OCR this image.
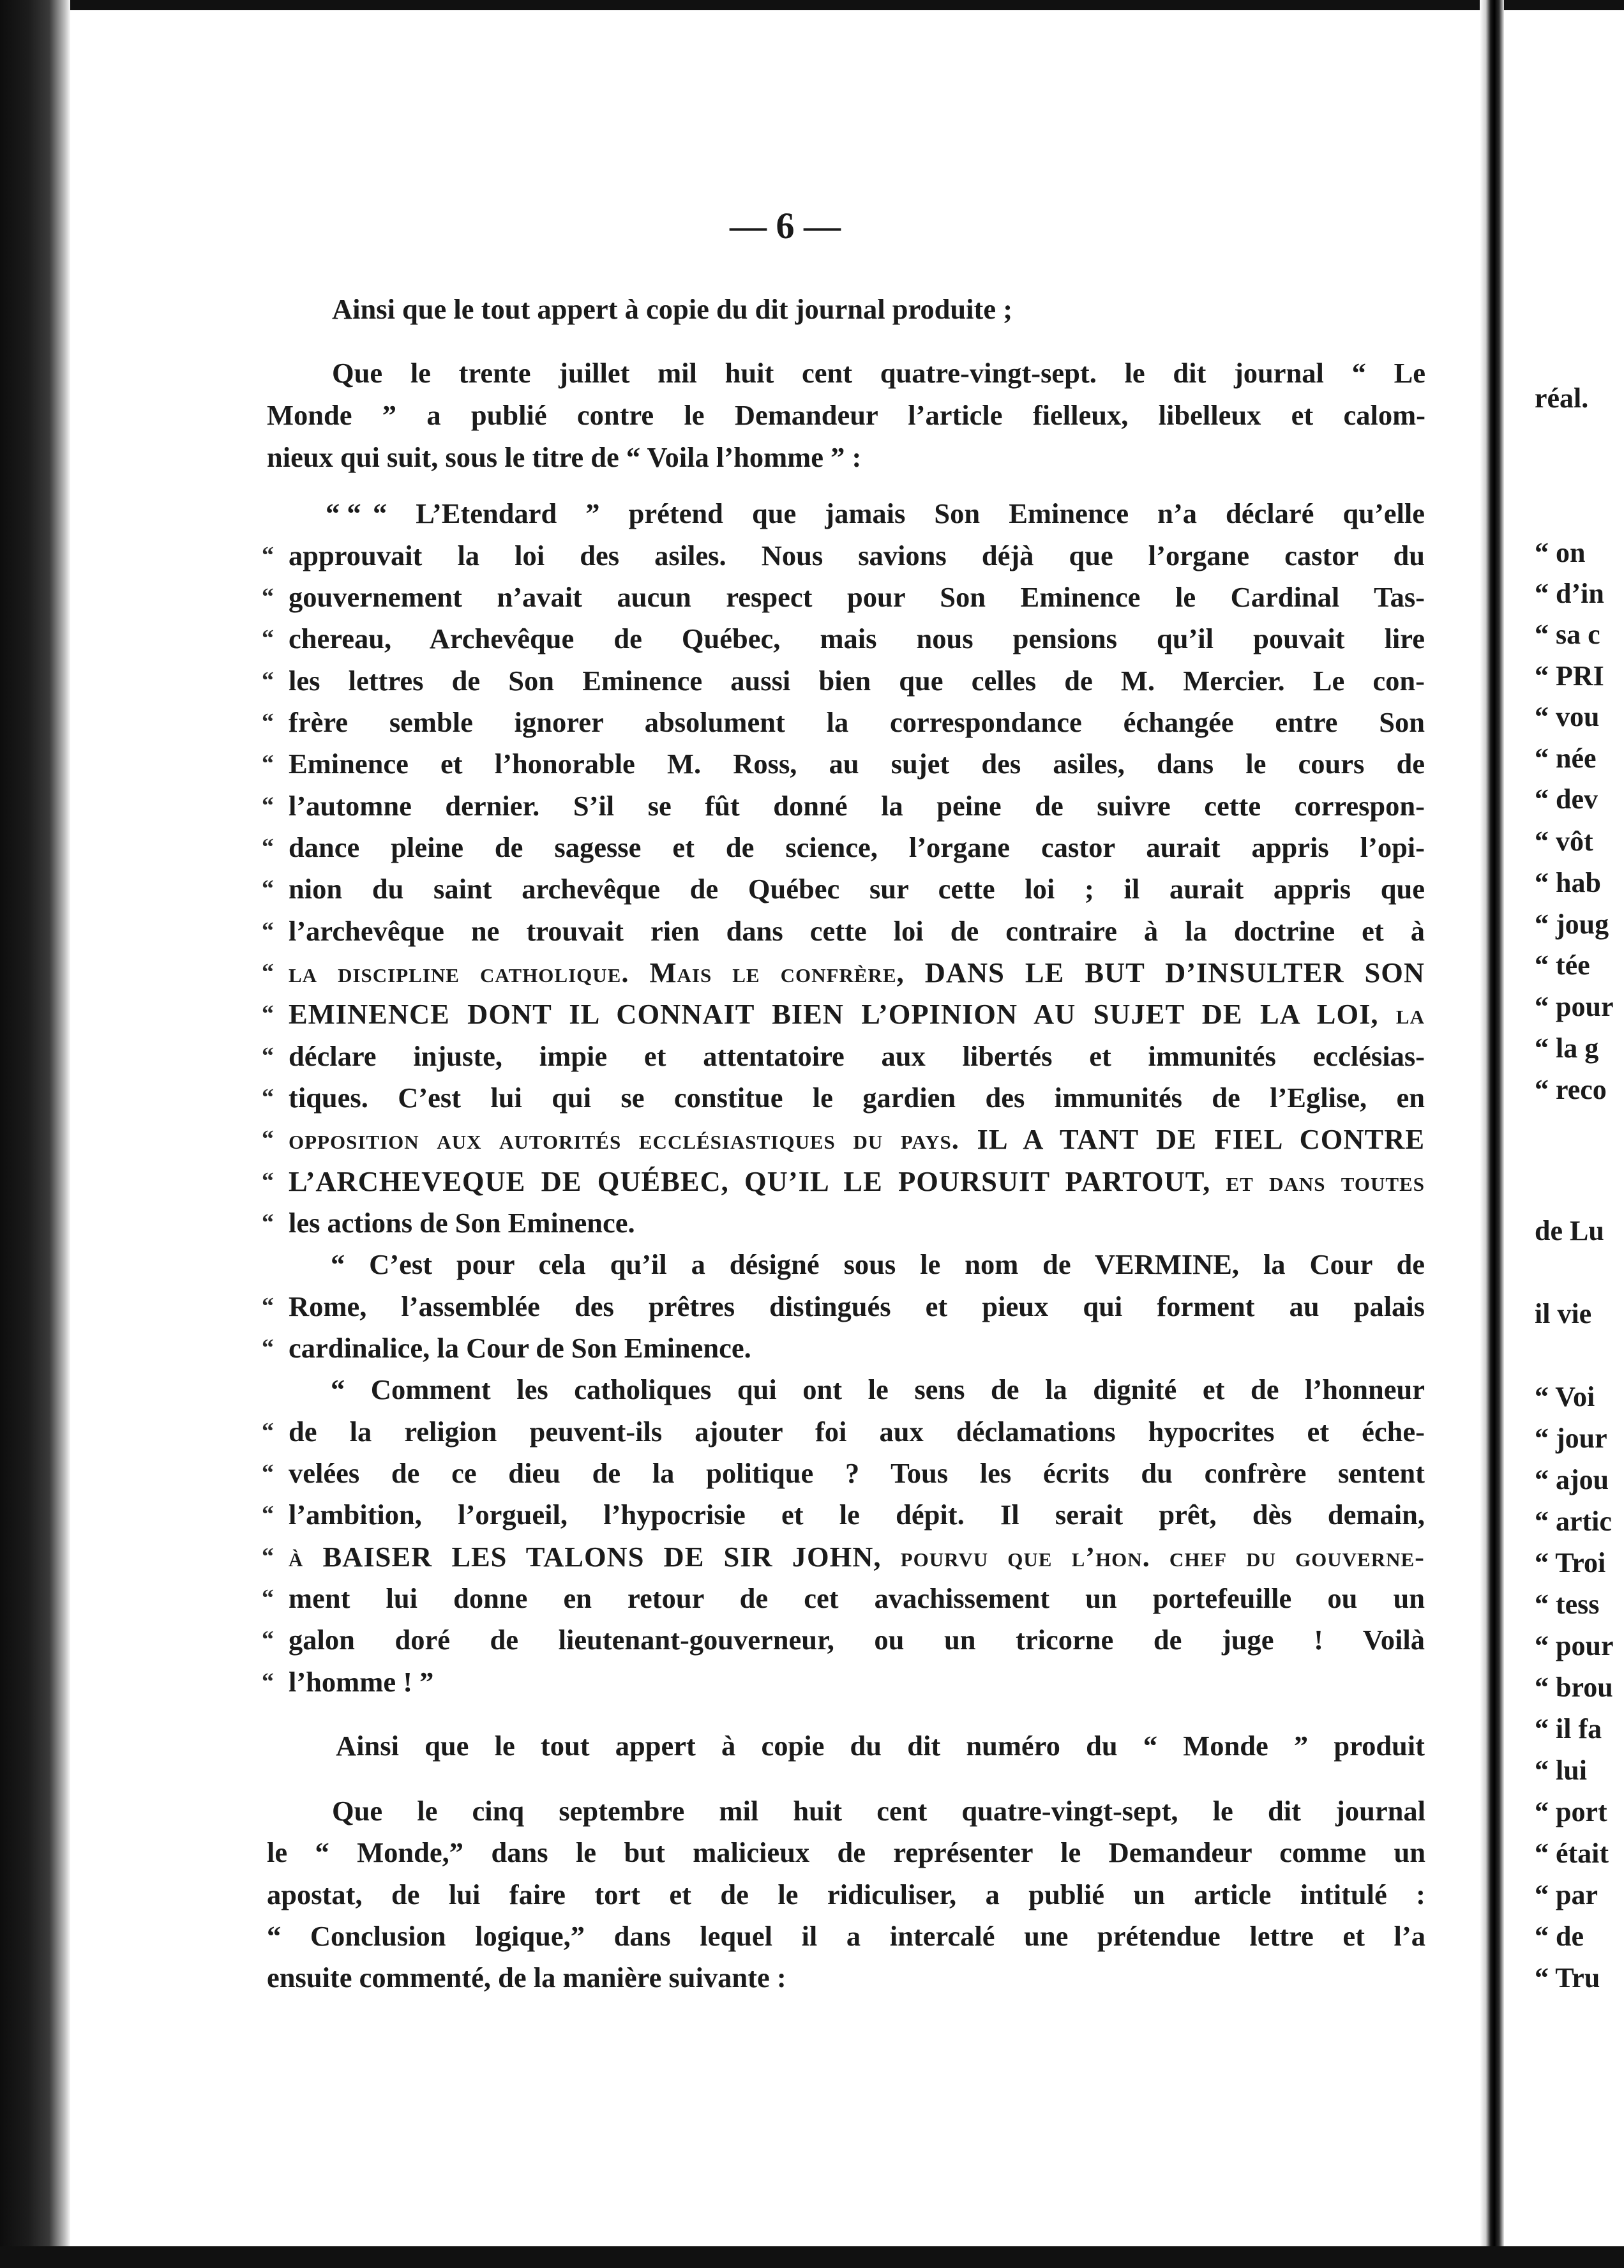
— 6 —

Ainsi que le tout appert à copie du dit journal produite ;

Que le trente juillet mil huit cent quatre-vingt-sept. le dit journal “ Le

Monde ” a publié contre le Demandeur l’article fielleux, libelleux et calom-

nieux qui suit, sous le titre de “ Voila l’homme ” :

“ “ “ L’Etendard ” prétend que jamais Son Eminence n’a déclaré qu’elle

“ approuvait la loi des asiles. Nous savions déjà que l’organe castor du

“ gouvernement n’avait aucun respect pour Son Eminence le Cardinal Tas-

“ chereau, Archevêque de Québec, mais nous pensions qu’il pouvait lire

“ les lettres de Son Eminence aussi bien que celles de M. Mercier. Le con-

“ frère semble ignorer absolument la correspondance échangée entre Son

“ Eminence et l’honorable M. Ross, au sujet des asiles, dans le cours de

“ l’automne dernier. S’il se fût donné la peine de suivre cette correspon-

“ dance pleine de sagesse et de science, l’organe castor aurait appris l’opi-

“ nion du saint archevêque de Québec sur cette loi ; il aurait appris que

“ l’archevêque ne trouvait rien dans cette loi de contraire à la doctrine et à

“ la discipline catholique. Mais le confrère, DANS LE BUT D’INSULTER SON

“ EMINENCE DONT IL CONNAIT BIEN L’OPINION AU SUJET DE LA LOI, la

“ déclare injuste, impie et attentatoire aux libertés et immunités ecclésias-

“ tiques. C’est lui qui se constitue le gardien des immunités de l’Eglise, en

“ opposition aux autorités ecclésiastiques du pays. IL A TANT DE FIEL CONTRE

“ L’ARCHEVEQUE DE QUÉBEC, QU’IL LE POURSUIT PARTOUT, et dans toutes

“ les actions de Son Eminence.

“ C’est pour cela qu’il a désigné sous le nom de VERMINE, la Cour de

“ Rome, l’assemblée des prêtres distingués et pieux qui forment au palais

“ cardinalice, la Cour de Son Eminence.

“ Comment les catholiques qui ont le sens de la dignité et de l’honneur

“ de la religion peuvent-ils ajouter foi aux déclamations hypocrites et éche-

“ velées de ce dieu de la politique ? Tous les écrits du confrère sentent

“ l’ambition, l’orgueil, l’hypocrisie et le dépit. Il serait prêt, dès demain,

“ à BAISER LES TALONS DE SIR JOHN, pourvu que l’hon. chef du gouverne-

“ ment lui donne en retour de cet avachissement un portefeuille ou un

“ galon doré de lieutenant-gouverneur, ou un tricorne de juge ! Voilà

“ l’homme ! ”

Ainsi que le tout appert à copie du dit numéro du “ Monde ” produit

Que le cinq septembre mil huit cent quatre-vingt-sept, le dit journal

le “ Monde,” dans le but malicieux de représenter le Demandeur comme un

apostat, de lui faire tort et de le ridiculiser, a publié un article intitulé :

“ Conclusion logique,” dans lequel il a intercalé une prétendue lettre et l’a

ensuite commenté, de la manière suivante :

réal.
“ on
“ d’in
“ sa c
“ PRI
“ vou
“ née
“ dev
“ vôt
“ hab
“ joug
“ tée
“ pour
“ la g
“ reco
de Lu
il vie
“ Voi
“ jour
“ ajou
“ artic
“ Troi
“ tess
“ pour
“ brou
“ il fa
“ lui
“ port
“ était
“ par
“ de
“ Tru
